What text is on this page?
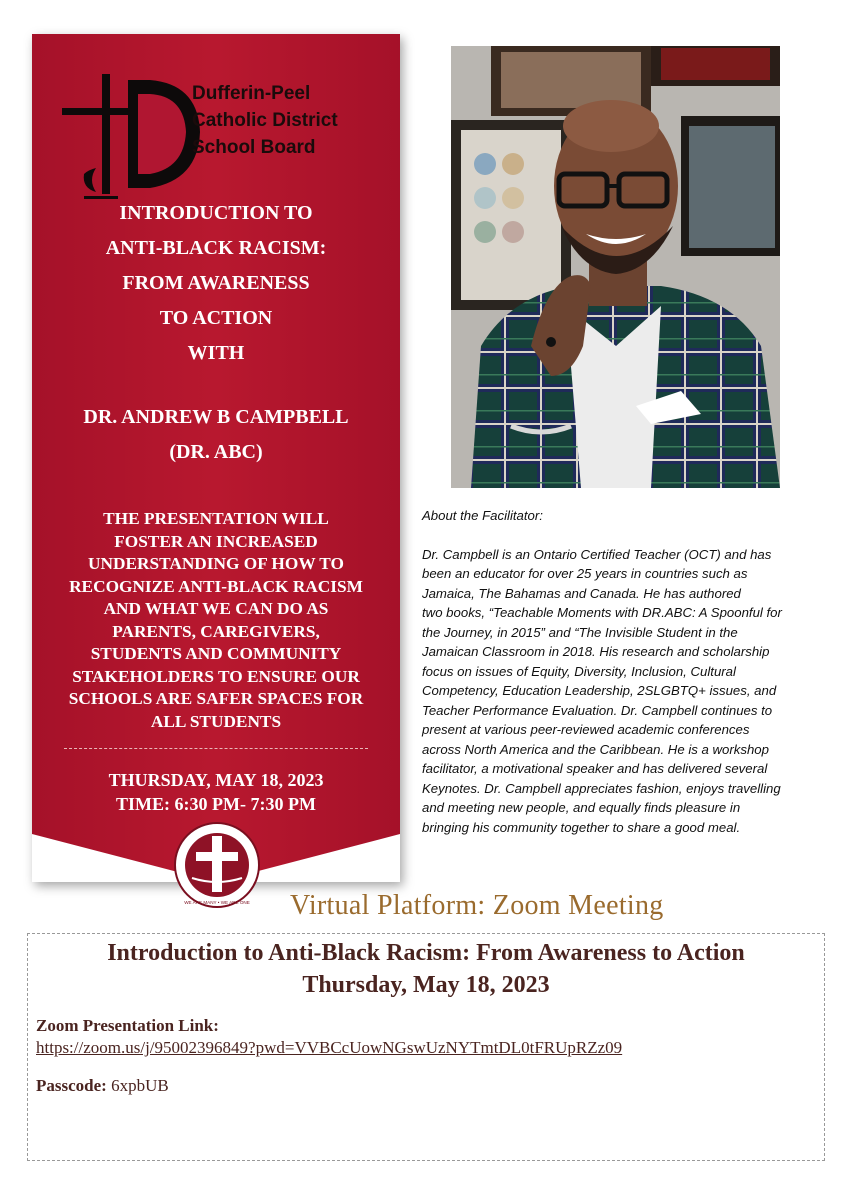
Dufferin-Peel
Catholic District
School Board
INTRODUCTION TO
ANTI-BLACK RACISM:
FROM AWARENESS
TO ACTION
WITH
DR. ANDREW B CAMPBELL
(DR. ABC)
THE PRESENTATION WILL
FOSTER AN INCREASED
UNDERSTANDING OF HOW TO
RECOGNIZE ANTI-BLACK RACISM
AND WHAT WE CAN DO AS
PARENTS, CAREGIVERS,
STUDENTS AND COMMUNITY
STAKEHOLDERS TO ENSURE OUR
SCHOOLS ARE SAFER SPACES FOR
ALL STUDENTS
THURSDAY, MAY 18, 2023
TIME: 6:30 PM- 7:30 PM
WE ARE MANY • WE ARE ONE

About the Facilitator:

Dr. Campbell is an Ontario Certified Teacher (OCT) and has

been an educator for over 25 years in countries such as

Jamaica, The Bahamas and Canada. He has authored

two books, “Teachable Moments with DR.ABC: A Spoonful for

the Journey, in 2015” and “The Invisible Student in the

Jamaican Classroom in 2018. His research and scholarship

focus on issues of Equity, Diversity, Inclusion, Cultural

Competency, Education Leadership, 2SLGBTQ+ issues, and

Teacher Performance Evaluation. Dr. Campbell continues to

present at various peer-reviewed academic conferences

across North America and the Caribbean. He is a workshop

facilitator, a motivational speaker and has delivered several

Keynotes. Dr. Campbell appreciates fashion, enjoys travelling

and meeting new people, and equally finds pleasure in

bringing his community together to share a good meal.

Virtual Platform: Zoom Meeting
Introduction to Anti-Black Racism: From Awareness to Action
Thursday, May 18, 2023
Zoom Presentation Link:
https://zoom.us/j/95002396849?pwd=VVBCcUowNGswUzNYTmtDL0tFRUpRZz09
Passcode: 6xpbUB
